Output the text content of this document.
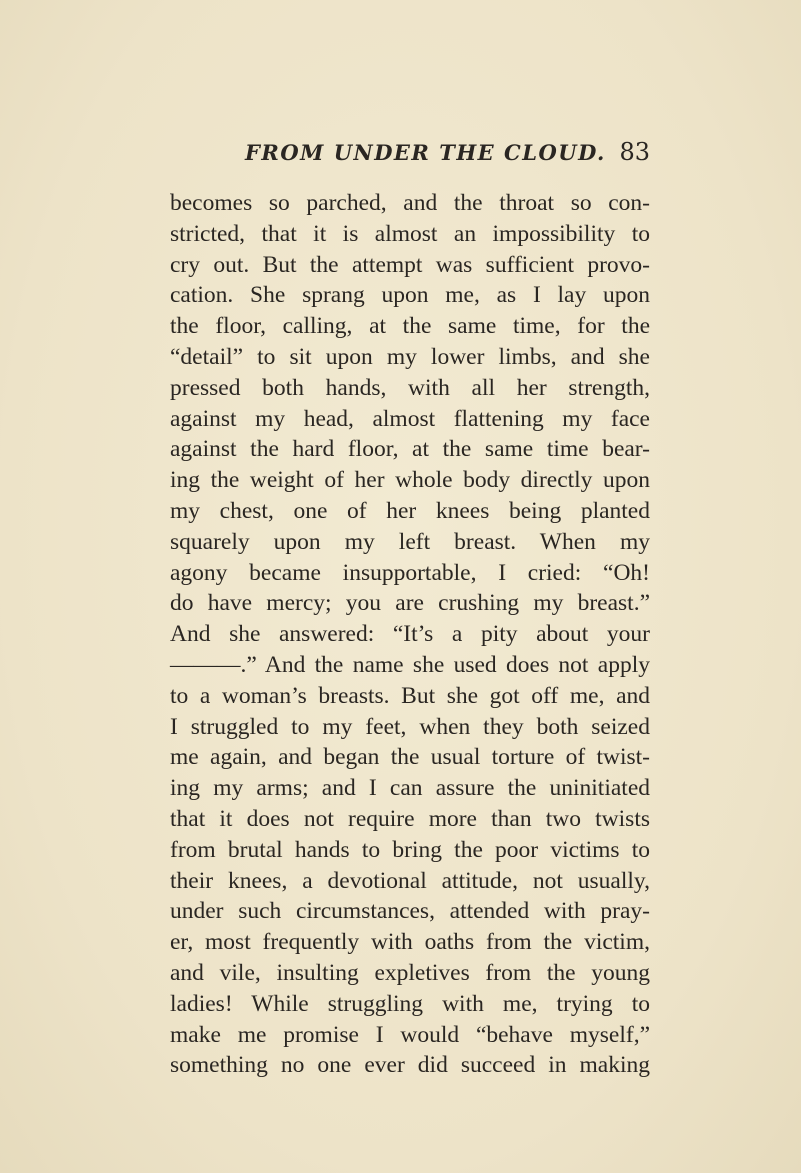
FROM UNDER THE CLOUD. 83
becomes so parched, and the throat so con-
stricted, that it is almost an impossibility to
cry out. But the attempt was sufficient provo-
cation. She sprang upon me, as I lay upon
the floor, calling, at the same time, for the
“detail” to sit upon my lower limbs, and she
pressed both hands, with all her strength,
against my head, almost flattening my face
against the hard floor, at the same time bear-
ing the weight of her whole body directly upon
my chest, one of her knees being planted
squarely upon my left breast. When my
agony became insupportable, I cried: “Oh!
do have mercy; you are crushing my breast.”
And she answered: “It’s a pity about your
———.” And the name she used does not apply
to a woman’s breasts. But she got off me, and
I struggled to my feet, when they both seized
me again, and began the usual torture of twist-
ing my arms; and I can assure the uninitiated
that it does not require more than two twists
from brutal hands to bring the poor victims to
their knees, a devotional attitude, not usually,
under such circumstances, attended with pray-
er, most frequently with oaths from the victim,
and vile, insulting expletives from the young
ladies! While struggling with me, trying to
make me promise I would “behave myself,”
something no one ever did succeed in making
